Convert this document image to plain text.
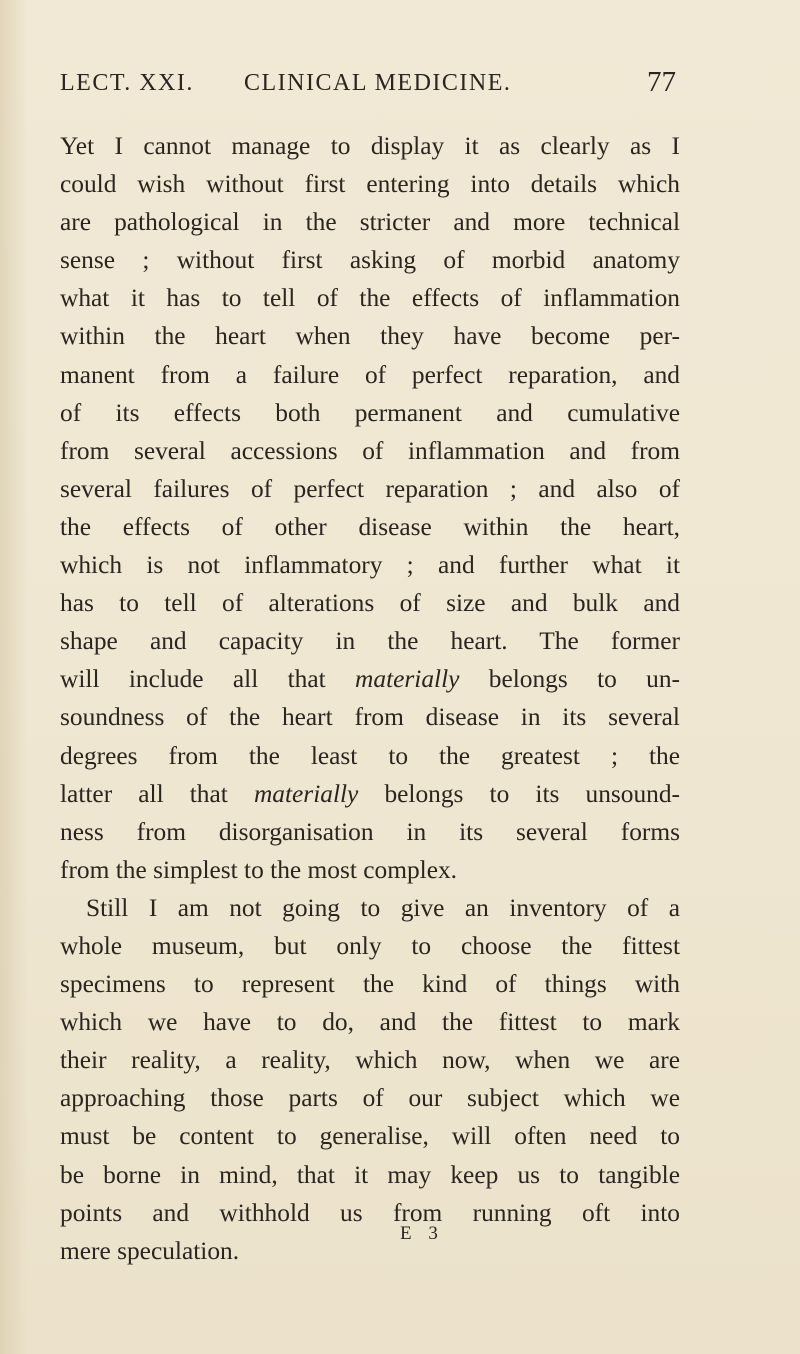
LECT. XXI. CLINICAL MEDICINE.	77
Yet I cannot manage to display it as clearly as I
could wish without first entering into details which
are pathological in the stricter and more technical
sense ; without first asking of morbid anatomy
what it has to tell of the effects of inflammation
within the heart when they have become per-
manent from a failure of perfect reparation, and
of its effects both permanent and cumulative
from several accessions of inflammation and from
several failures of perfect reparation ; and also of
the effects of other disease within the heart,
which is not inflammatory ; and further what it
has to tell of alterations of size and bulk and
shape and capacity in the heart. The former
will include all that materially belongs to un-
soundness of the heart from disease in its several
degrees from the least to the greatest ; the
latter all that materially belongs to its unsound-
ness from disorganisation in its several forms
from the simplest to the most complex.
Still I am not going to give an inventory of a
whole museum, but only to choose the fittest
specimens to represent the kind of things with
which we have to do, and the fittest to mark
their reality, a reality, which now, when we are
approaching those parts of our subject which we
must be content to generalise, will often need to
be borne in mind, that it may keep us to tangible
points and withhold us from running oft into
mere speculation.
E 3
